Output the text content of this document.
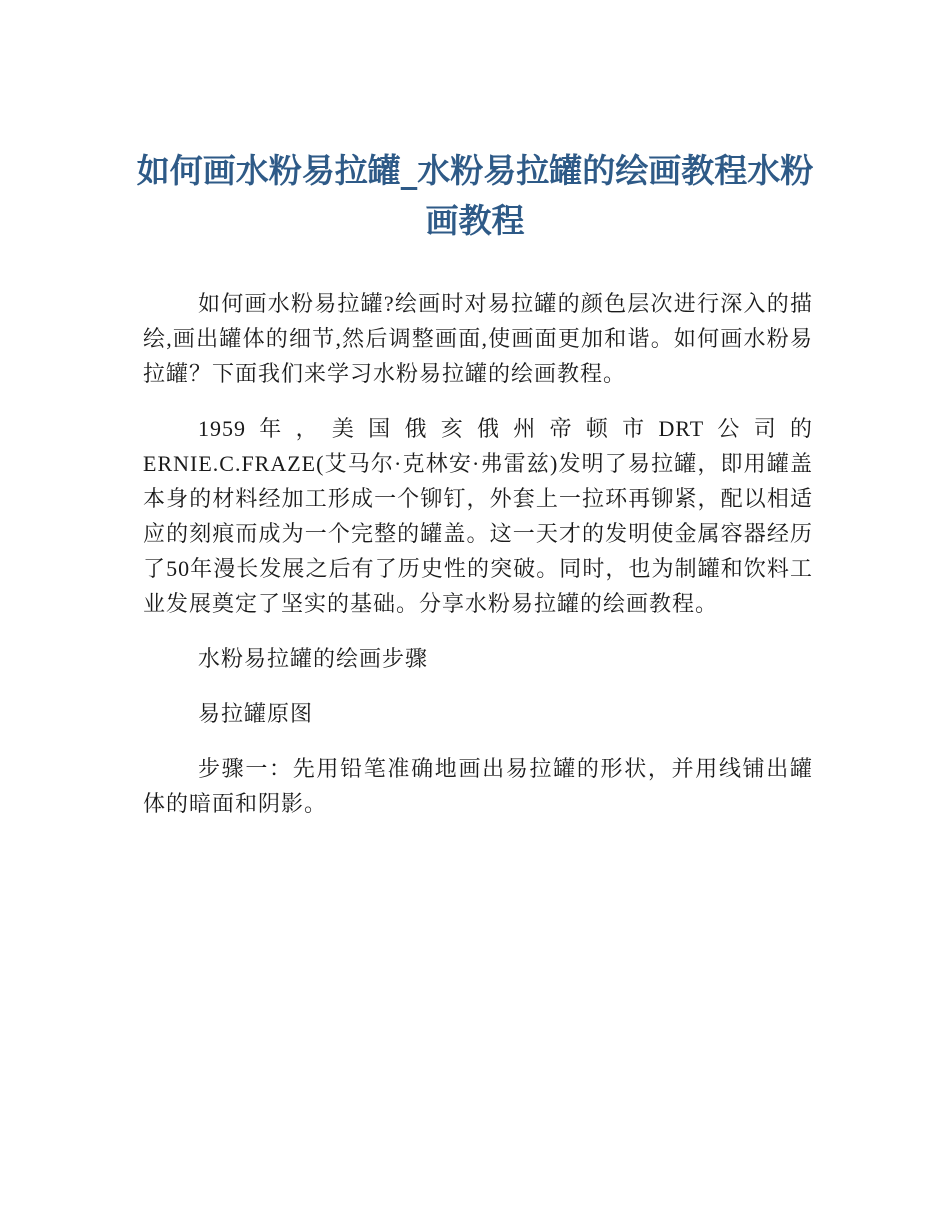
如何画水粉易拉罐_水粉易拉罐的绘画教程水粉画教程

如何画水粉易拉罐?绘画时对易拉罐的颜色层次进行深入的描绘,画出罐体的细节,然后调整画面,使画面更加和谐。如何画水粉易拉罐？下面我们来学习水粉易拉罐的绘画教程。

1959年，美国俄亥俄州帝顿市DRT公司的ERNIE.C.FRAZE(艾马尔·克林安·弗雷兹)发明了易拉罐，即用罐盖本身的材料经加工形成一个铆钉，外套上一拉环再铆紧，配以相适应的刻痕而成为一个完整的罐盖。这一天才的发明使金属容器经历了50年漫长发展之后有了历史性的突破。同时，也为制罐和饮料工业发展奠定了坚实的基础。分享水粉易拉罐的绘画教程。

水粉易拉罐的绘画步骤

易拉罐原图

步骤一：先用铅笔准确地画出易拉罐的形状，并用线铺出罐体的暗面和阴影。
